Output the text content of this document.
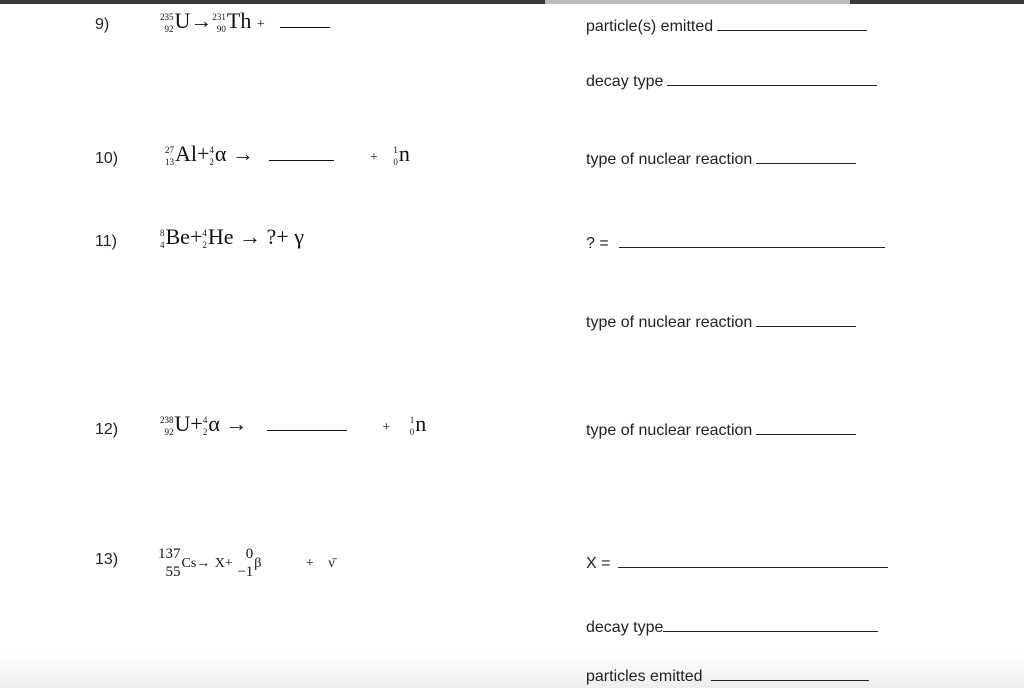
9)	235
92 U→ 231
90 Th +	particle(s) emitted
decay type
10)
27
13 Al+ 4
2 α →	+
1
0 n	type of nuclear reaction
11)
8
4 Be+ 4
2 He → ?+ γ	? =
type of nuclear reaction
12)
238
92 U+ 4
2 α →	+
1
0 n	type of nuclear reaction
13)	137
55
Cs→ X+
0
−1
β	+ ν̄	X =
decay type
particles emitted
